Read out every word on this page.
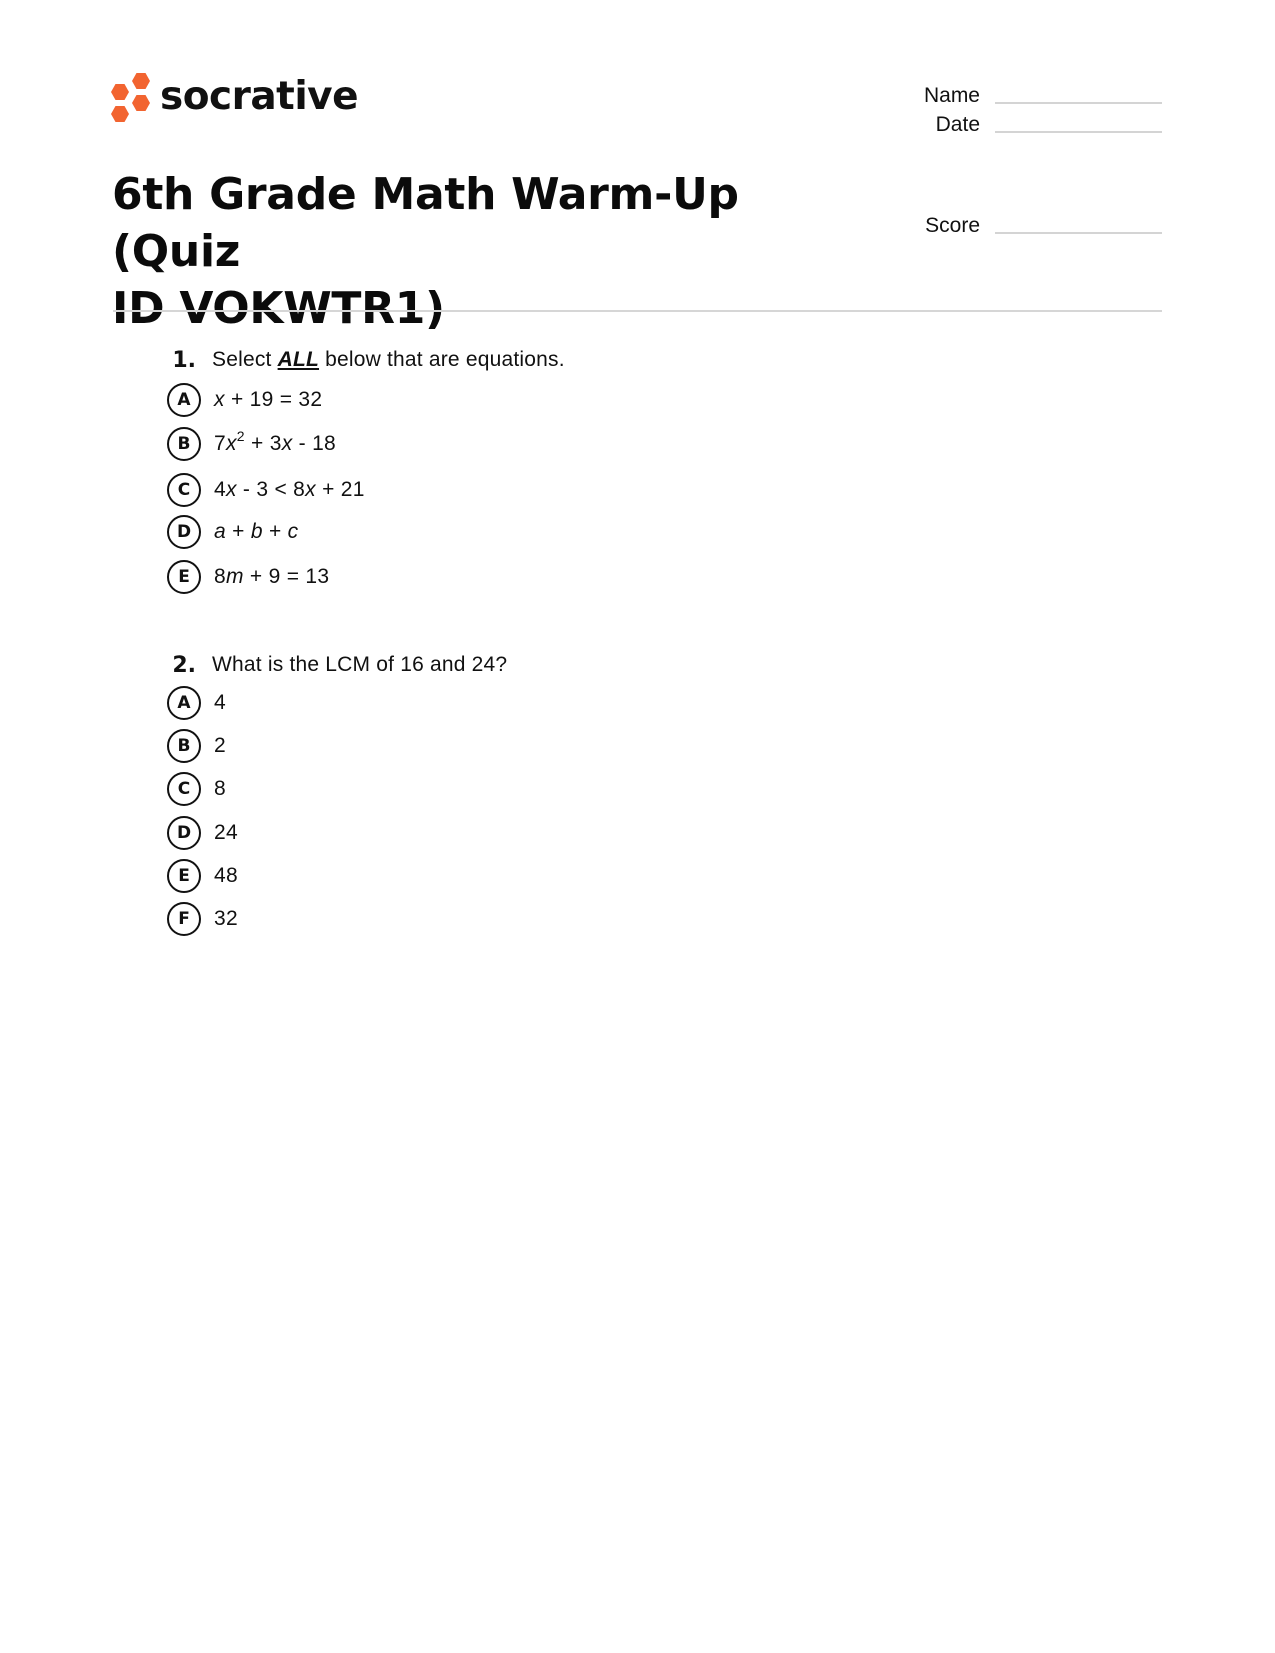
socrative	Name
Date
Score
6th Grade Math Warm-Up (Quiz
ID VOKWTR1)
1. Select ALL below that are equations.
A	x + 19 = 32
B	$7x^2 + 3x - 18$
C	4x - 3 < 8x + 21
D	a + b + c
E	8m + 9 = 13
2. What is the LCM of 16 and 24?
A	4
B	2
C	8
D	24
E	48
F	32
